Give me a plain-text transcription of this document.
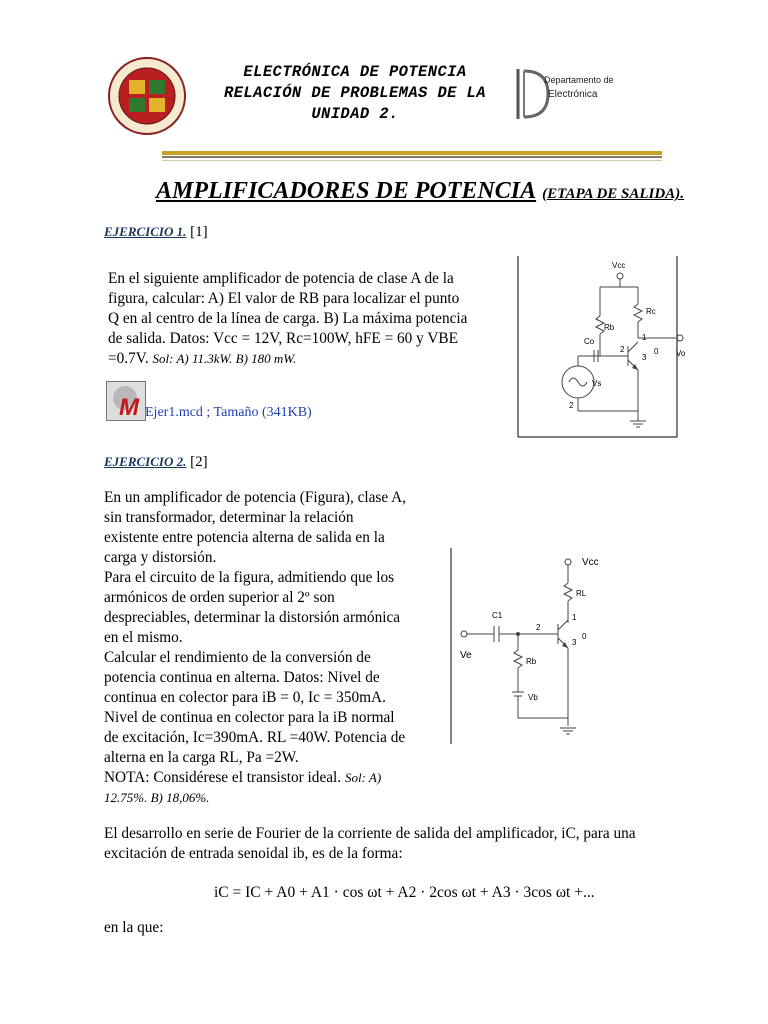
ELECTRÓNICA DE POTENCIA
RELACIÓN DE PROBLEMAS DE LA
UNIDAD 2.
Departamento de
Electrónica
AMPLIFICADORES DE POTENCIA (ETAPA DE SALIDA).
EJERCICIO 1. [1]
En el siguiente amplificador de potencia de clase A de la
figura, calcular: A) El valor de RB para localizar el punto
Q en al centro de la línea de carga. B) La máxima potencia
de salida. Datos: Vcc = 12V, Rc=100W, hFE = 60 y VBE
=0.7V. Sol: A) 11.3kW. B) 180 mW.
M Ejer1.mcd ; Tamaño (341KB)
Vcc
Rc
Rb
Co
Vs
Vo
1
2
3
0
2
EJERCICIO 2. [2]
En un amplificador de potencia (Figura), clase A,
sin transformador, determinar la relación
existente entre potencia alterna de salida en la
carga y distorsión.
Para el circuito de la figura, admitiendo que los
armónicos de orden superior al 2º son
despreciables, determinar la distorsión armónica
en el mismo.
Calcular el rendimiento de la conversión de
potencia continua en alterna. Datos: Nivel de
continua en colector para iB = 0, Ic = 350mA.
Nivel de continua en colector para la iB normal
de excitación, Ic=390mA. RL =40W. Potencia de
alterna en la carga RL, Pa =2W.
NOTA: Considérese el transistor ideal. Sol: A)
12.75%. B) 18,06%.
Vcc
RL
C1
Rb
Ve
Vb
1
2
3
0
El desarrollo en serie de Fourier de la corriente de salida del amplificador, iC, para una
excitación de entrada senoidal ib, es de la forma:
iC = IC + A0 + A1 · cos ωt + A2 · 2cos ωt + A3 · 3cos ωt +...
en la que:
